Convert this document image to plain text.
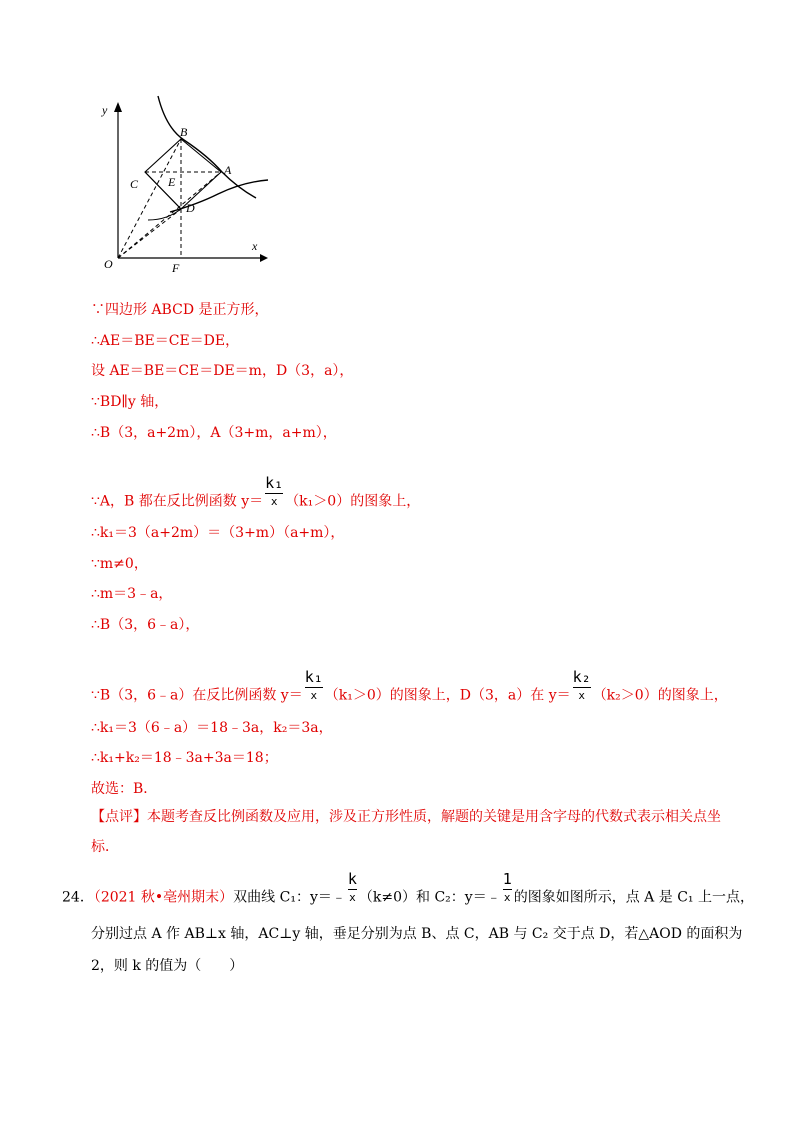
y
x
O	F
B
A
C E
D
∵四边形 ABCD 是正方形，
∴AE＝BE＝CE＝DE，
设 AE＝BE＝CE＝DE＝m，D（3，a），
∵BD∥y 轴，
∴B（3，a+2m），A（3+m，a+m），
∵A，B 都在反比例函数 $y= \frac{\text{k₁}}{x} (k_1>0)$的图象上，
∴k₁＝3（a+2m）＝（3+m）（a+m），
∵m≠0，
∴m＝3﹣a，
∴B（3，6﹣a），
∵B（3，6﹣a）在反比例函数 $y= \frac{\text{k₁}}{x} (k_1>0)$的图象上，D（3，a）在 $y= \frac{\text{k₂}}{x} (k_2>0)$的图象上，
∴k₁＝3（6﹣a）＝18﹣3a，k₂＝3a，
∴k₁+k₂＝18﹣3a+3a＝18；
故选：B．
【点评】本题考查反比例函数及应用，涉及正方形性质，解题的关键是用含字母的代数式表示相关点坐标．
24．（2021 秋•亳州期末）双曲线 C₁：y＝﹣ $\frac{k}{x} (k\ne 0)$和 C₂：y＝﹣ $\frac{1}{x}$ 的图象如图所示，点 A 是 C₁ 上一点，
分别过点 A 作 AB⊥x 轴，AC⊥y 轴，垂足分别为点 B、点 C，AB 与 C₂ 交于点 D，若△AOD 的面积为
2，则 k 的值为（　　）
